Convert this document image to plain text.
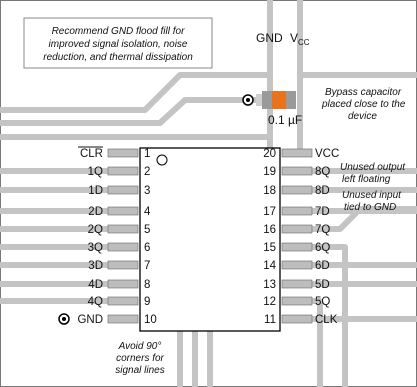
Recommend GND flood fill for
improved signal isolation, noise
reduction, and thermal dissipation
GND V CC
0.1 µF
Bypass capacitor
placed close to the
device
CLR	1
1Q	2
1D	3
2D	4
2Q	5
3Q	6
3D	7
4D	8
4Q	9
GND	10
20	VCC
19	8Q
18	8D
17	7D
16	7Q
15	6Q
14	6D
13	5D
12	5Q
11	CLK
Unused output
left floating
Unused input
tied to GND
Avoid 90°
corners for
signal lines
